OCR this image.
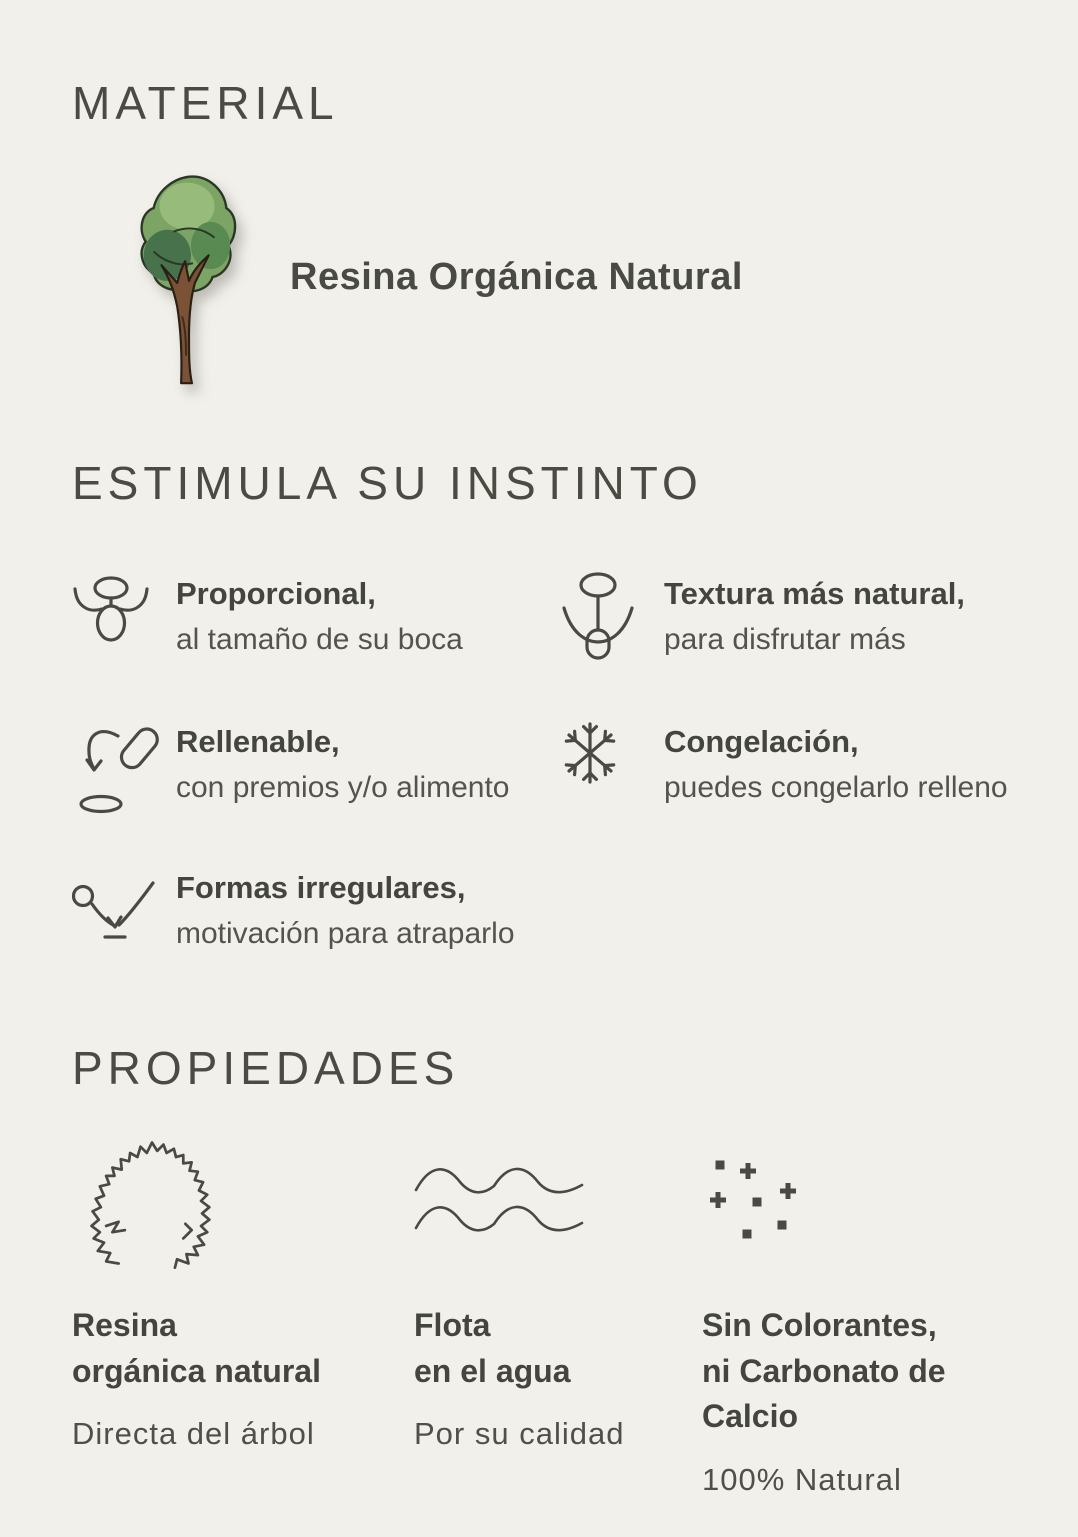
MATERIAL
Resina Orgánica Natural
ESTIMULA SU INSTINTO
Proporcional,
al tamaño de su boca
Textura más natural,
para disfrutar más
Rellenable,
con premios y/o alimento
Congelación,
puedes congelarlo relleno
Formas irregulares,
motivación para atraparlo
PROPIEDADES
Resina
orgánica natural
Directa del árbol
Flota
en el agua
Por su calidad
Sin Colorantes,
ni Carbonato de Calcio
100% Natural
